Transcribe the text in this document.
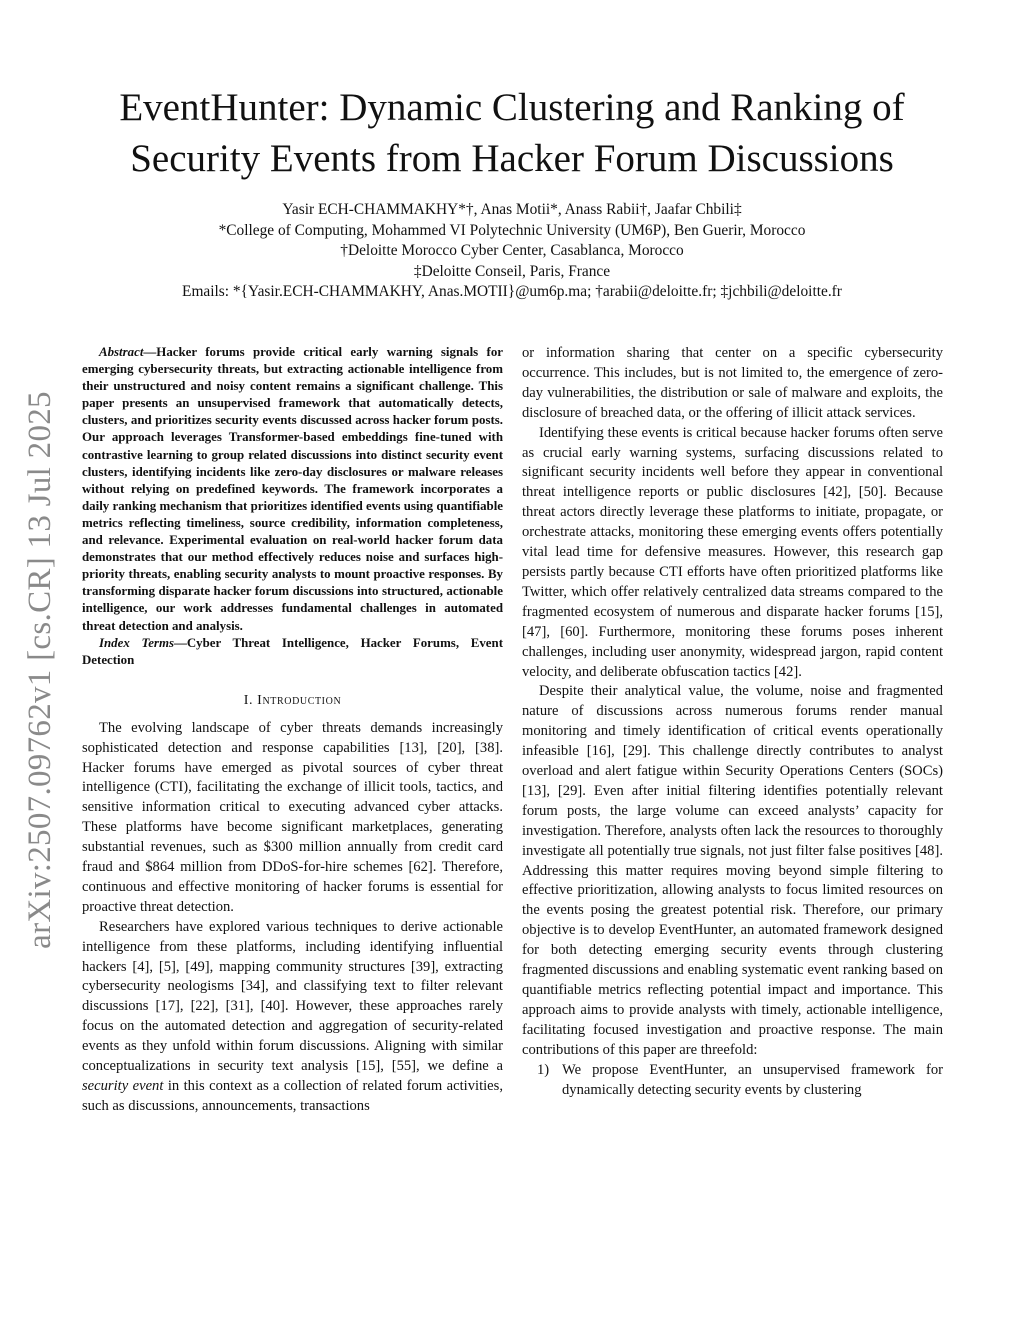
arXiv:2507.09762v1 [cs.CR] 13 Jul 2025
EventHunter: Dynamic Clustering and Ranking of
Security Events from Hacker Forum Discussions
Yasir ECH-CHAMMAKHY*†, Anas Motii*, Anass Rabii†, Jaafar Chbili‡
*College of Computing, Mohammed VI Polytechnic University (UM6P), Ben Guerir, Morocco
†Deloitte Morocco Cyber Center, Casablanca, Morocco
‡Deloitte Conseil, Paris, France
Emails: *{Yasir.ECH-CHAMMAKHY, Anas.MOTII}@um6p.ma; †arabii@deloitte.fr; ‡jchbili@deloitte.fr

Abstract—Hacker forums provide critical early warning signals for emerging cybersecurity threats, but extracting actionable intelligence from their unstructured and noisy content remains a significant challenge. This paper presents an unsupervised framework that automatically detects, clusters, and prioritizes security events discussed across hacker forum posts. Our approach leverages Transformer-based embeddings fine-tuned with contrastive learning to group related discussions into distinct security event clusters, identifying incidents like zero-day disclosures or malware releases without relying on predefined keywords. The framework incorporates a daily ranking mechanism that prioritizes identified events using quantifiable metrics reflecting timeliness, source credibility, information completeness, and relevance. Experimental evaluation on real-world hacker forum data demonstrates that our method effectively reduces noise and surfaces high-priority threats, enabling security analysts to mount proactive responses. By transforming disparate hacker forum discussions into structured, actionable intelligence, our work addresses fundamental challenges in automated threat detection and analysis.

Index Terms—Cyber Threat Intelligence, Hacker Forums, Event Detection

I. Introduction

The evolving landscape of cyber threats demands increasingly sophisticated detection and response capabilities [13], [20], [38]. Hacker forums have emerged as pivotal sources of cyber threat intelligence (CTI), facilitating the exchange of illicit tools, tactics, and sensitive information critical to executing advanced cyber attacks. These platforms have become significant marketplaces, generating substantial revenues, such as $300 million annually from credit card fraud and $864 million from DDoS-for-hire schemes [62]. Therefore, continuous and effective monitoring of hacker forums is essential for proactive threat detection.

Researchers have explored various techniques to derive actionable intelligence from these platforms, including identifying influential hackers [4], [5], [49], mapping community structures [39], extracting cybersecurity neologisms [34], and classifying text to filter relevant discussions [17], [22], [31], [40]. However, these approaches rarely focus on the automated detection and aggregation of security-related events as they unfold within forum discussions. Aligning with similar conceptualizations in security text analysis [15], [55], we define a security event in this context as a collection of related forum activities, such as discussions, announcements, transactions

or information sharing that center on a specific cybersecurity occurrence. This includes, but is not limited to, the emergence of zero-day vulnerabilities, the distribution or sale of malware and exploits, the disclosure of breached data, or the offering of illicit attack services.

Identifying these events is critical because hacker forums often serve as crucial early warning systems, surfacing discussions related to significant security incidents well before they appear in conventional threat intelligence reports or public disclosures [42], [50]. Because threat actors directly leverage these platforms to initiate, propagate, or orchestrate attacks, monitoring these emerging events offers potentially vital lead time for defensive measures. However, this research gap persists partly because CTI efforts have often prioritized platforms like Twitter, which offer relatively centralized data streams compared to the fragmented ecosystem of numerous and disparate hacker forums [15], [47], [60]. Furthermore, monitoring these forums poses inherent challenges, including user anonymity, widespread jargon, rapid content velocity, and deliberate obfuscation tactics [42].

Despite their analytical value, the volume, noise and fragmented nature of discussions across numerous forums render manual monitoring and timely identification of critical events operationally infeasible [16], [29]. This challenge directly contributes to analyst overload and alert fatigue within Security Operations Centers (SOCs) [13], [29]. Even after initial filtering identifies potentially relevant forum posts, the large volume can exceed analysts’ capacity for investigation. Therefore, analysts often lack the resources to thoroughly investigate all potentially true signals, not just filter false positives [48]. Addressing this matter requires moving beyond simple filtering to effective prioritization, allowing analysts to focus limited resources on the events posing the greatest potential risk. Therefore, our primary objective is to develop EventHunter, an automated framework designed for both detecting emerging security events through clustering fragmented discussions and enabling systematic event ranking based on quantifiable metrics reflecting potential impact and importance. This approach aims to provide analysts with timely, actionable intelligence, facilitating focused investigation and proactive response. The main contributions of this paper are threefold:

1) We propose EventHunter, an unsupervised framework for dynamically detecting security events by clustering
